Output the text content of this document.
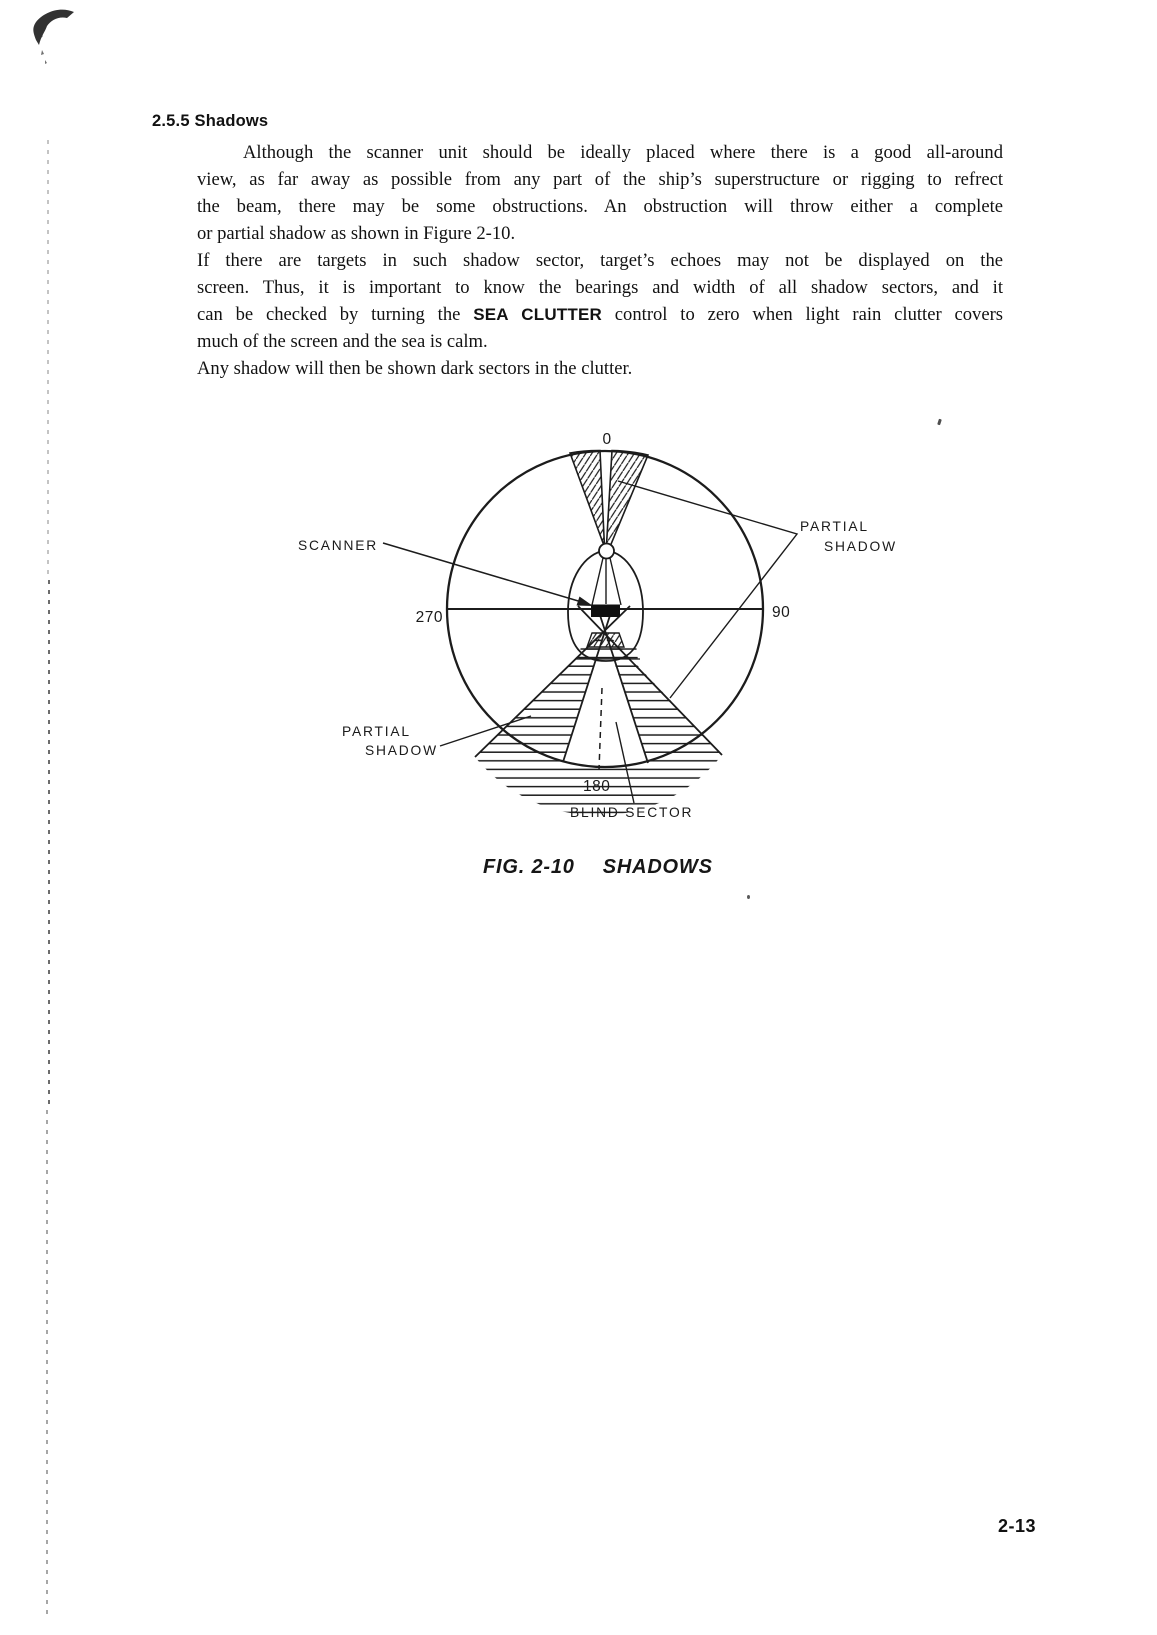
2.5.5 Shadows
Although the scanner unit should be ideally placed where there is a good all-around
view, as far away as possible from any part of the ship’s superstructure or rigging to refrect
the beam, there may be some obstructions. An obstruction will throw either a complete
or partial shadow as shown in Figure 2-10.
If there are targets in such shadow sector, target’s echoes may not be displayed on the
screen. Thus, it is important to know the bearings and width of all shadow sectors, and it
can be checked by turning the SEA CLUTTER control to zero when light rain clutter covers
much of the screen and the sea is calm.
Any shadow will then be shown dark sectors in the clutter.
0
270	90
180
SCANNER
PARTIAL
SHADOW
PARTIAL
SHADOW
BLIND SECTOR
FIG. 2-10 SHADOWS
2-13
